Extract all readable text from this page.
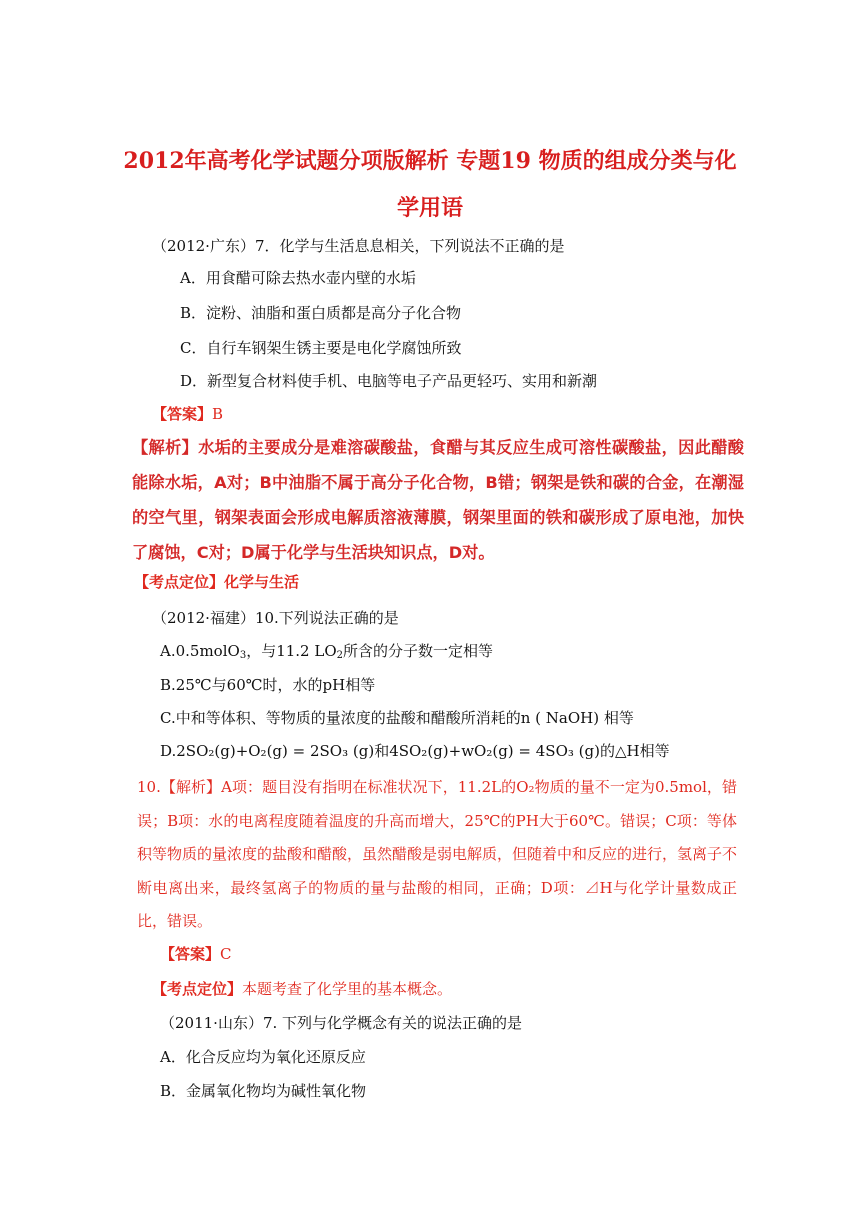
2012年高考化学试题分项版解析 专题19 物质的组成分类与化
学用语
（2012·广东）7．化学与生活息息相关，下列说法不正确的是
A．用食醋可除去热水壶内壁的水垢
B．淀粉、油脂和蛋白质都是高分子化合物
C．自行车钢架生锈主要是电化学腐蚀所致
D．新型复合材料使手机、电脑等电子产品更轻巧、实用和新潮
【答案】B
【解析】水垢的主要成分是难溶碳酸盐，食醋与其反应生成可溶性碳酸盐，因此醋酸能除水垢，A对；B中油脂不属于高分子化合物，B错；钢架是铁和碳的合金，在潮湿的空气里，钢架表面会形成电解质溶液薄膜，钢架里面的铁和碳形成了原电池，加快了腐蚀，C对；D属于化学与生活块知识点，D对。
【考点定位】化学与生活
（2012·福建）10.下列说法正确的是
A.0.5molO$_3$，与11.2 $LO_2$所含的分子数一定相等
B.25℃与60℃时，水的pH相等
C.中和等体积、等物质的量浓度的盐酸和醋酸所消耗的n ( NaOH) 相等
D.2SO₂(g)+O₂(g) = 2SO₃ (g)和4SO₂(g)+wO₂(g) = 4SO₃ (g)的△H相等
10.【解析】A项：题目没有指明在标准状况下，11.2L的O₂物质的量不一定为0.5mol，错误；B项：水的电离程度随着温度的升高而增大，25℃的PH大于60℃。错误；C项：等体积等物质的量浓度的盐酸和醋酸，虽然醋酸是弱电解质，但随着中和反应的进行，氢离子不断电离出来，最终氢离子的物质的量与盐酸的相同，正确；D项：⊿H与化学计量数成正比，错误。
【答案】C
【考点定位】本题考查了化学里的基本概念。
（2011·山东）7. 下列与化学概念有关的说法正确的是
A．化合反应均为氧化还原反应
B．金属氧化物均为碱性氧化物
